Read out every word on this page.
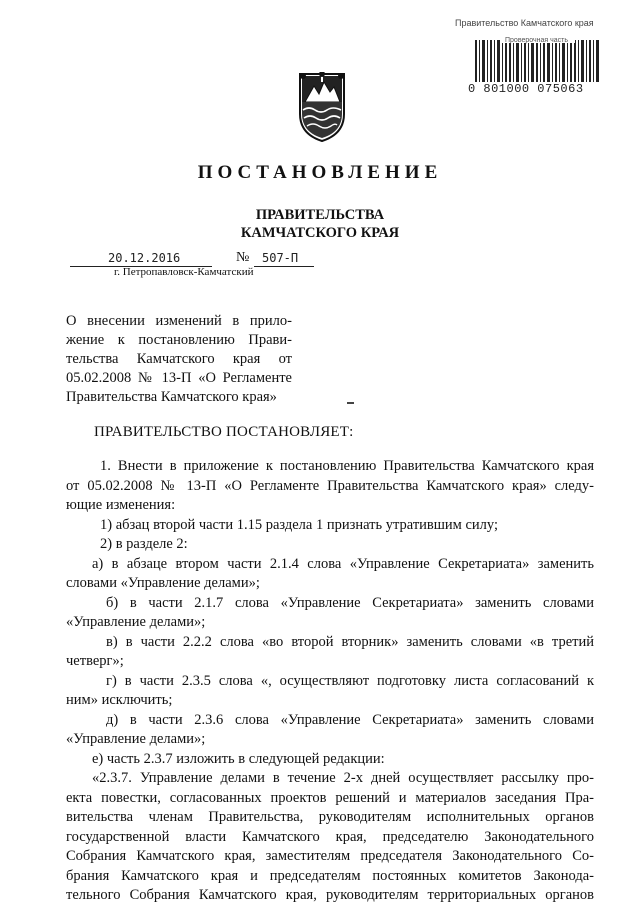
Правительство Камчатского края
Проверочная часть
0 801000 075063
ПОСТАНОВЛЕНИЕ
ПРАВИТЕЛЬСТВА
КАМЧАТСКОГО КРАЯ
20.12.2016	№ 507-П
г. Петропавловск-Камчатский
О внесении изменений в прило-
жение к постановлению Прави-
тельства Камчатского края от
05.02.2008 № 13-П «О Регламенте
Правительства Камчатского края»
ПРАВИТЕЛЬСТВО ПОСТАНОВЛЯЕТ:
1. Внести в приложение к постановлению Правительства Камчатского края
от 05.02.2008 № 13-П «О Регламенте Правительства Камчатского края» следу-
ющие изменения:
1) абзац второй части 1.15 раздела 1 признать утратившим силу;
2) в разделе 2:
а) в абзаце втором части 2.1.4 слова «Управление Секретариата» заменить
словами «Управление делами»;
б) в части 2.1.7 слова «Управление Секретариата» заменить словами
«Управление делами»;
в) в части 2.2.2 слова «во второй вторник» заменить словами «в третий
четверг»;
г) в части 2.3.5 слова «, осуществляют подготовку листа согласований к
ним» исключить;
д) в части 2.3.6 слова «Управление Секретариата» заменить словами
«Управление делами»;
е) часть 2.3.7 изложить в следующей редакции:
«2.3.7. Управление делами в течение 2-х дней осуществляет рассылку про-
екта повестки, согласованных проектов решений и материалов заседания Пра-
вительства членам Правительства, руководителям исполнительных органов
государственной власти Камчатского края, председателю Законодательного
Собрания Камчатского края, заместителям председателя Законодательного Со-
брания Камчатского края и председателям постоянных комитетов Законода-
тельного Собрания Камчатского края, руководителям территориальных органов
